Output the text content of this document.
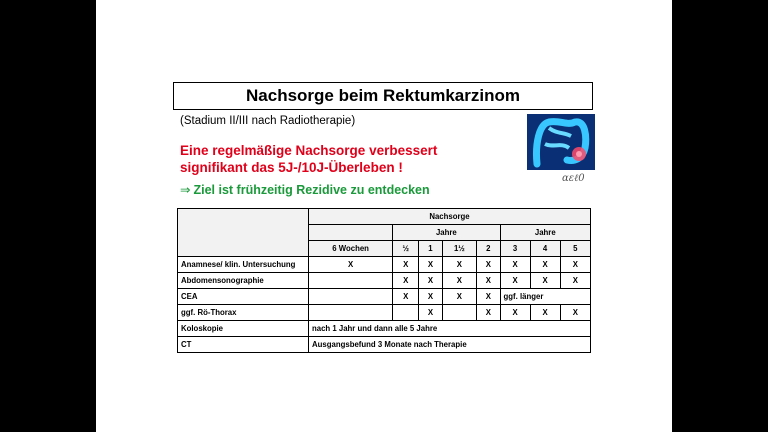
Nachsorge beim Rektumkarzinom
(Stadium II/III nach Radiotherapie)
Eine regelmäßige Nachsorge verbessert
signifikant das 5J-/10J-Überleben !
⇒ Ziel ist frühzeitig Rezidive zu entdecken
ɑεℓ0
	Nachsorge							
		Jahre				Jahre		
	6 Wochen	½	1	1½	2	3	4	5
Anamnese/ klin. Untersuchung	X	X	X	X	X	X	X	X
Abdomensonographie		X	X	X	X	X	X	X
CEA		X	X	X	X	ggf. länger		
ggf. Rö-Thorax			X		X	X	X	X
Koloskopie	nach 1 Jahr und dann alle 5 Jahre							
CT	Ausgangsbefund 3 Monate nach Therapie							
